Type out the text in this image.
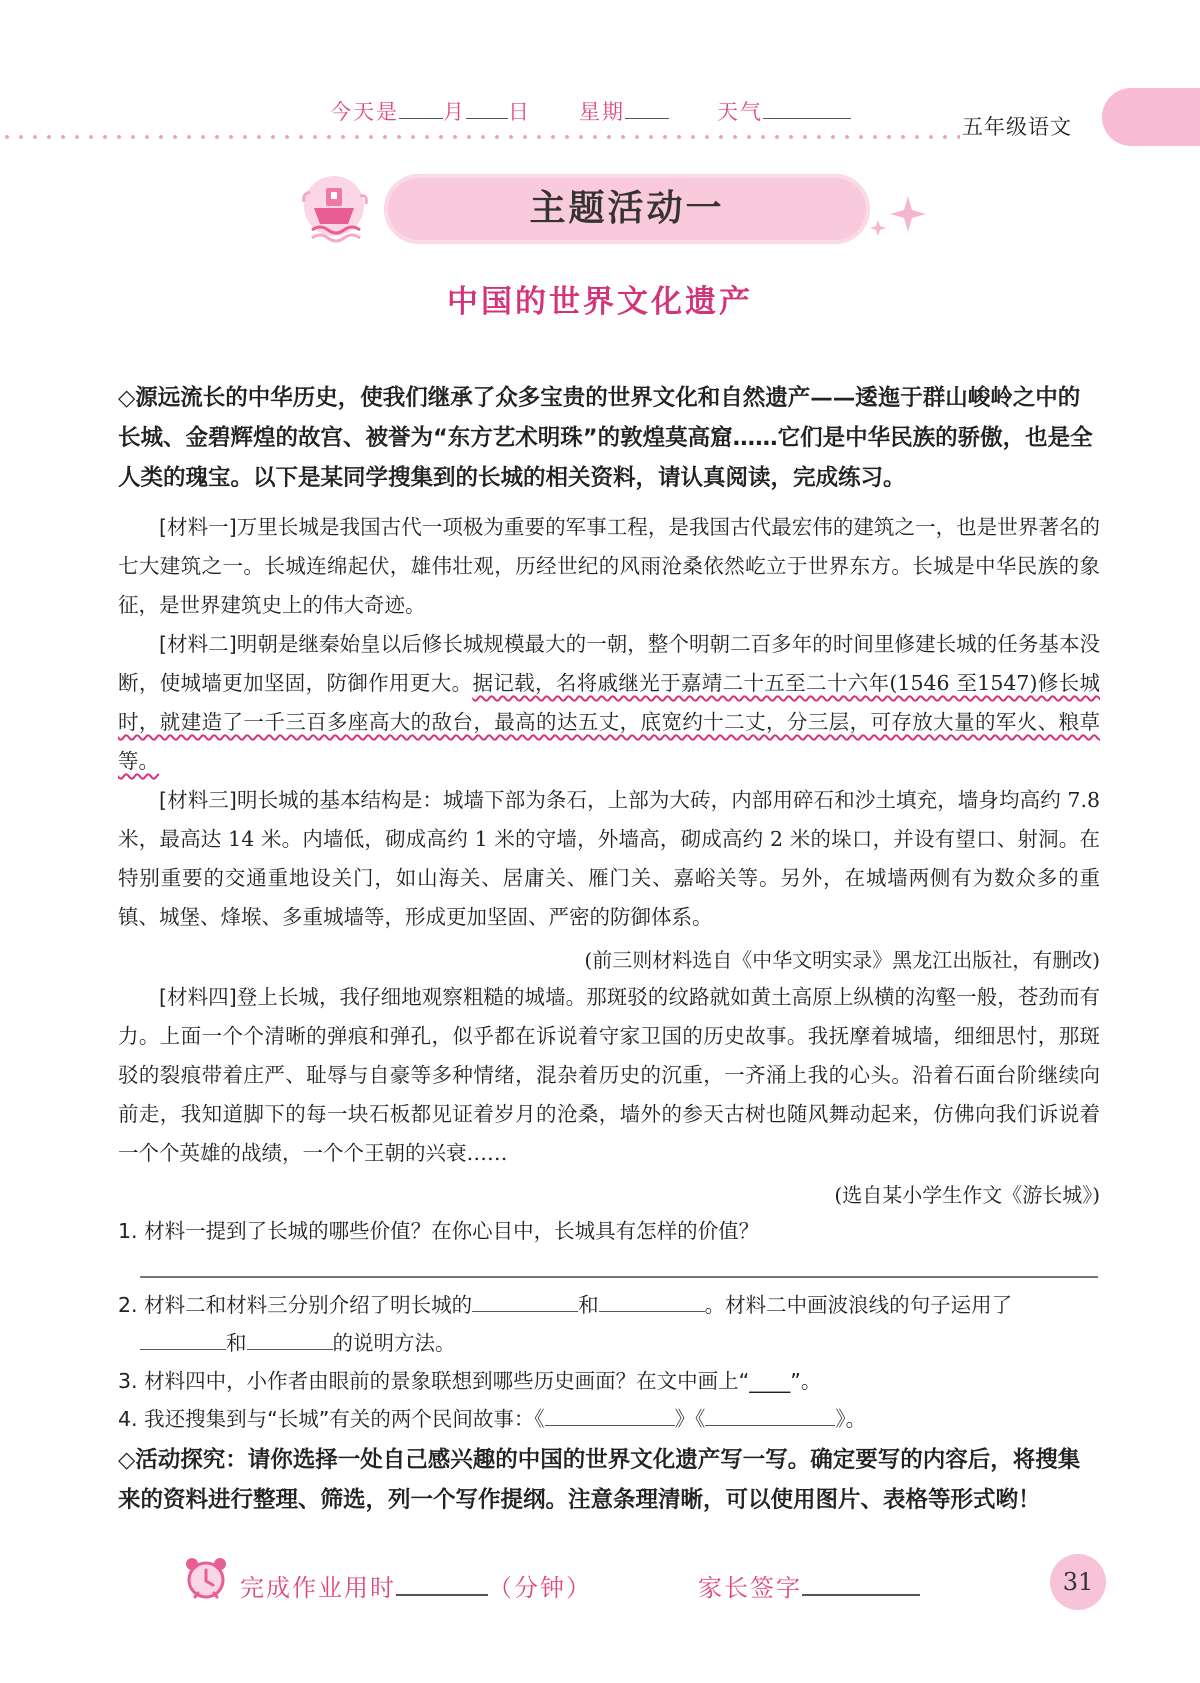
今天是 月 日 星期	天气
五年级语文
主题活动一
中国的世界文化遗产

◇源远流长的中华历史，使我们继承了众多宝贵的世界文化和自然遗产——逶迤于群山峻岭之中的长城、金碧辉煌的故宫、被誉为“东方艺术明珠”的敦煌莫高窟……它们是中华民族的骄傲，也是全人类的瑰宝。以下是某同学搜集到的长城的相关资料，请认真阅读，完成练习。

[材料一]万里长城是我国古代一项极为重要的军事工程，是我国古代最宏伟的建筑之一，也是世界著名的七大建筑之一。长城连绵起伏，雄伟壮观，历经世纪的风雨沧桑依然屹立于世界东方。长城是中华民族的象征，是世界建筑史上的伟大奇迹。

[材料二]明朝是继秦始皇以后修长城规模最大的一朝，整个明朝二百多年的时间里修建长城的任务基本没断，使城墙更加坚固，防御作用更大。据记载，名将戚继光于嘉靖二十五至二十六年(1546 至1547)修长城时，就建造了一千三百多座高大的敌台，最高的达五丈，底宽约十二丈，分三层，可存放大量的军火、粮草等。

[材料三]明长城的基本结构是：城墙下部为条石，上部为大砖，内部用碎石和沙土填充，墙身均高约 7.8 米，最高达 14 米。内墙低，砌成高约 1 米的守墙，外墙高，砌成高约 2 米的垛口，并设有望口、射洞。在特别重要的交通重地设关门，如山海关、居庸关、雁门关、嘉峪关等。另外，在城墙两侧有为数众多的重镇、城堡、烽堠、多重城墙等，形成更加坚固、严密的防御体系。

(前三则材料选自《中华文明实录》黑龙江出版社，有删改)

[材料四]登上长城，我仔细地观察粗糙的城墙。那斑驳的纹路就如黄土高原上纵横的沟壑一般，苍劲而有力。上面一个个清晰的弹痕和弹孔，似乎都在诉说着守家卫国的历史故事。我抚摩着城墙，细细思忖，那斑驳的裂痕带着庄严、耻辱与自豪等多种情绪，混杂着历史的沉重，一齐涌上我的心头。沿着石面台阶继续向前走，我知道脚下的每一块石板都见证着岁月的沧桑，墙外的参天古树也随风舞动起来，仿佛向我们诉说着一个个英雄的战绩，一个个王朝的兴衰……

(选自某小学生作文《游长城》)

1. 材料一提到了长城的哪些价值？在你心目中，长城具有怎样的价值？

2. 材料二和材料三分别介绍了明长城的	和	。材料二中画波浪线的句子运用了

和	的说明方法。

3. 材料四中，小作者由眼前的景象联想到哪些历史画面？在文中画上“____”。

4. 我还搜集到与“长城”有关的两个民间故事：《	》《	》。

◇活动探究：请你选择一处自己感兴趣的中国的世界文化遗产写一写。确定要写的内容后，将搜集来的资料进行整理、筛选，列一个写作提纲。注意条理清晰，可以使用图片、表格等形式哟！

完成作业用时	（分钟）	家长签字	31
